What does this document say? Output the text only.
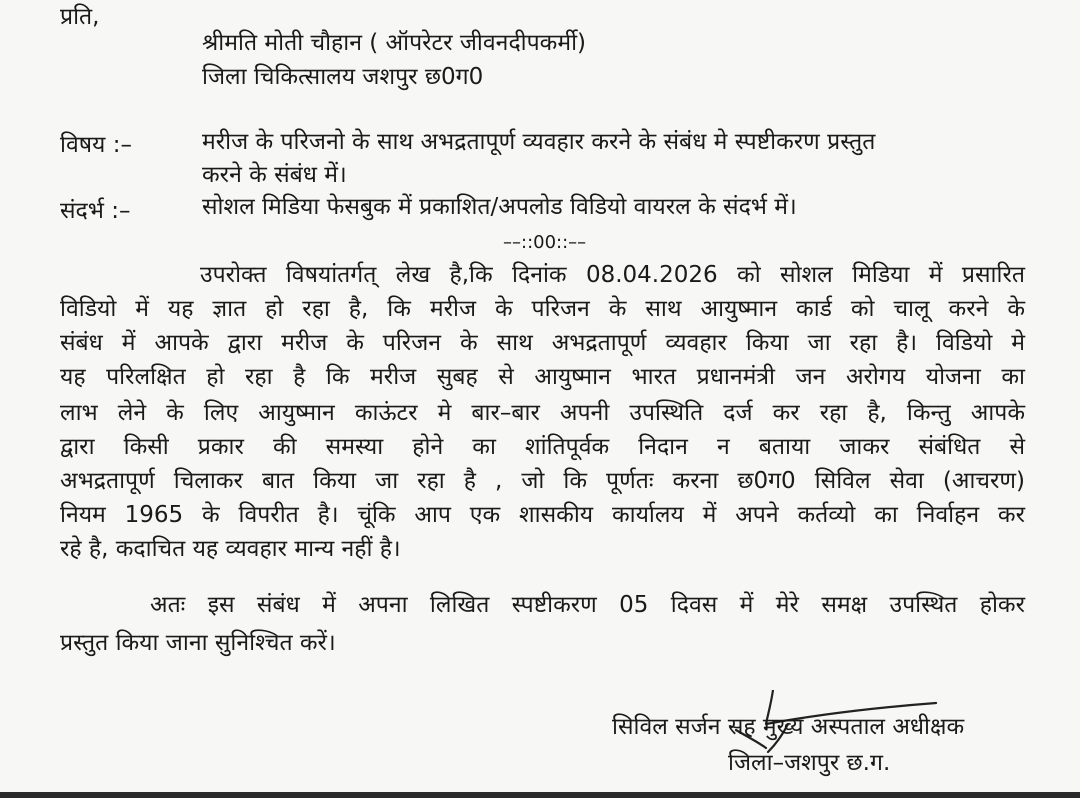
प्रति,
श्रीमति मोती चौहान ( ऑपरेटर जीवनदीपकर्मी)
जिला चिकित्सालय जशपुर छ0ग0
विषय :–	मरीज के परिजनो के साथ अभद्रतापूर्ण व्यवहार करने के संबंध मे स्पष्टीकरण प्रस्तुत
करने के संबंध में।
संदर्भ :–	सोशल मिडिया फेसबुक में प्रकाशित/अपलोड विडियो वायरल के संदर्भ में।
––::00::––
उपरोक्त विषयांतर्गत् लेख है,कि दिनांक 08.04.2026 को सोशल मिडिया में प्रसारित
विडियो में यह ज्ञात हो रहा है, कि मरीज के परिजन के साथ आयुष्मान कार्ड को चालू करने के
संबंध में आपके द्वारा मरीज के परिजन के साथ अभद्रतापूर्ण व्यवहार किया जा रहा है। विडियो मे
यह परिलक्षित हो रहा है कि मरीज सुबह से आयुष्मान भारत प्रधानमंत्री जन अरोगय योजना का
लाभ लेने के लिए आयुष्मान काऊंटर मे बार–बार अपनी उपस्थिति दर्ज कर रहा है, किन्तु आपके
द्वारा किसी प्रकार की समस्या होने का शांतिपूर्वक निदान न बताया जाकर संबंधित से
अभद्रतापूर्ण चिलाकर बात किया जा रहा है , जो कि पूर्णतः करना छ0ग0 सिविल सेवा (आचरण)
नियम 1965 के विपरीत है। चूंकि आप एक शासकीय कार्यालय में अपने कर्तव्यो का निर्वाहन कर
रहे है, कदाचित यह व्यवहार मान्य नहीं है।
अतः इस संबंध में अपना लिखित स्पष्टीकरण 05 दिवस में मेरे समक्ष उपस्थित होकर
प्रस्तुत किया जाना सुनिश्चित करें।
सिविल सर्जन सह मुख्य अस्पताल अधीक्षक
जिला–जशपुर छ.ग.
